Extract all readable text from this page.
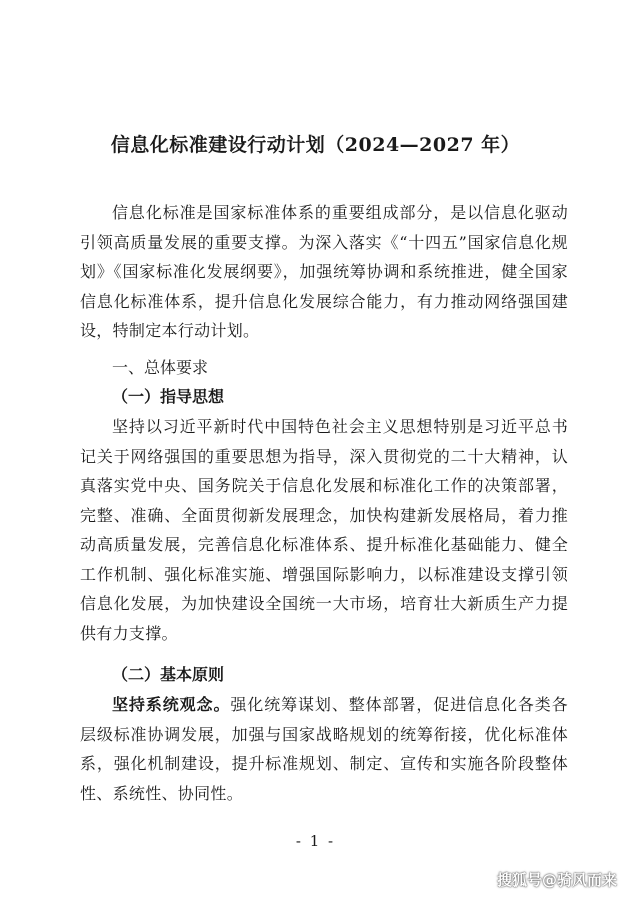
信息化标准建设行动计划（2024—2027 年）

信息化标准是国家标准体系的重要组成部分，是以信息化驱动引领高质量发展的重要支撑。为深入落实《“十四五”国家信息化规划》《国家标准化发展纲要》，加强统筹协调和系统推进，健全国家信息化标准体系，提升信息化发展综合能力，有力推动网络强国建设，特制定本行动计划。

一、总体要求
（一）指导思想

坚持以习近平新时代中国特色社会主义思想特别是习近平总书记关于网络强国的重要思想为指导，深入贯彻党的二十大精神，认真落实党中央、国务院关于信息化发展和标准化工作的决策部署，完整、准确、全面贯彻新发展理念，加快构建新发展格局，着力推动高质量发展，完善信息化标准体系、提升标准化基础能力、健全工作机制、强化标准实施、增强国际影响力，以标准建设支撑引领信息化发展，为加快建设全国统一大市场，培育壮大新质生产力提供有力支撑。

（二）基本原则

坚持系统观念。强化统筹谋划、整体部署，促进信息化各类各层级标准协调发展，加强与国家战略规划的统筹衔接，优化标准体系，强化机制建设，提升标准规划、制定、宣传和实施各阶段整体性、系统性、协同性。

- 1 -
搜狐号@骑风而来
